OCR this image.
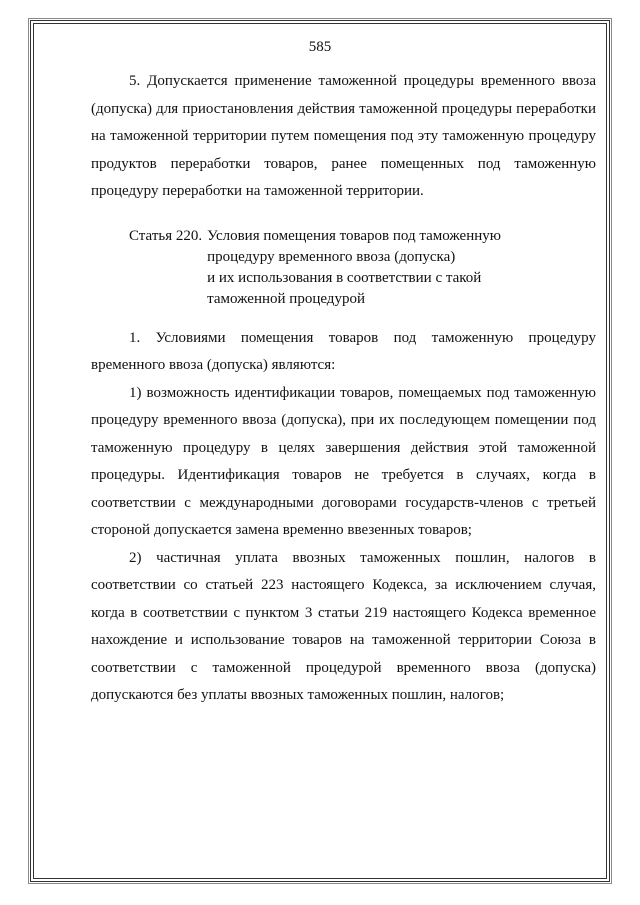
585

5. Допускается применение таможенной процедуры временного ввоза (допуска) для приостановления действия таможенной процедуры переработки на таможенной территории путем помещения под эту таможенную процедуру продуктов переработки товаров, ранее помещенных под таможенную процедуру переработки на таможенной территории.

Статья 220. Условия помещения товаров под таможенную
процедуру временного ввоза (допуска)
и их использования в соответствии с такой
таможенной процедурой

1. Условиями помещения товаров под таможенную процедуру временного ввоза (допуска) являются:

1) возможность идентификации товаров, помещаемых под таможенную процедуру временного ввоза (допуска), при их последующем помещении под таможенную процедуру в целях завершения действия этой таможенной процедуры. Идентификация товаров не требуется в случаях, когда в соответствии с международными договорами государств-членов с третьей стороной допускается замена временно ввезенных товаров;

2) частичная уплата ввозных таможенных пошлин, налогов в соответствии со статьей 223 настоящего Кодекса, за исключением случая, когда в соответствии с пунктом 3 статьи 219 настоящего Кодекса временное нахождение и использование товаров на таможенной территории Союза в соответствии с таможенной процедурой временного ввоза (допуска) допускаются без уплаты ввозных таможенных пошлин, налогов;
